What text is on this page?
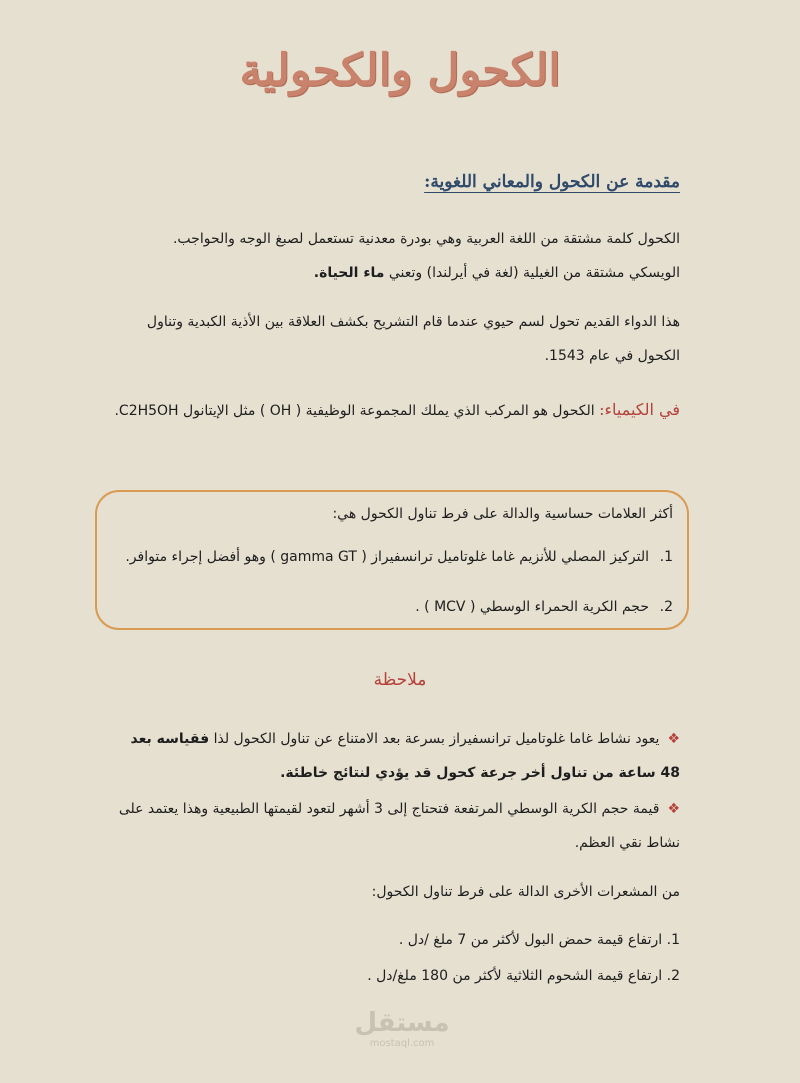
الكحول والكحولية
مقدمة عن الكحول والمعاني اللغوية:
الكحول كلمة مشتقة من اللغة العربية وهي بودرة معدنية تستعمل لصبغ الوجه والحواجب.
الويسكي مشتقة من الغيلية (لغة في أيرلندا) وتعني ماء الحياة.
هذا الدواء القديم تحول لسم حيوي عندما قام التشريح بكشف العلاقة بين الأذية الكبدية وتناول الكحول في عام 1543.
في الكيمياء: الكحول هو المركب الذي يملك المجموعة الوظيفية ( OH ) مثل الإيتانول C2H5OH.
أكثر العلامات حساسية والدالة على فرط تناول الكحول هي:
1.التركيز المصلي للأنزيم غاما غلوتاميل ترانسفيراز ( gamma GT ) وهو أفضل إجراء متوافر.
2.حجم الكرية الحمراء الوسطي ( MCV ) .
ملاحظة
❖يعود نشاط غاما غلوتاميل ترانسفيراز بسرعة بعد الامتناع عن تناول الكحول لذا فقياسه بعد 48 ساعة من تناول أخر جرعة كحول قد يؤدي لنتائج خاطئة.
❖قيمة حجم الكرية الوسطي المرتفعة فتحتاج إلى 3 أشهر لتعود لقيمتها الطبيعية وهذا يعتمد على نشاط نقي العظم.
من المشعرات الأخرى الدالة على فرط تناول الكحول:
1. ارتفاع قيمة حمض البول لأكثر من 7 ملغ /دل .
2. ارتفاع قيمة الشحوم الثلاثية لأكثر من 180 ملغ/دل .
مستقل
mostaql.com
